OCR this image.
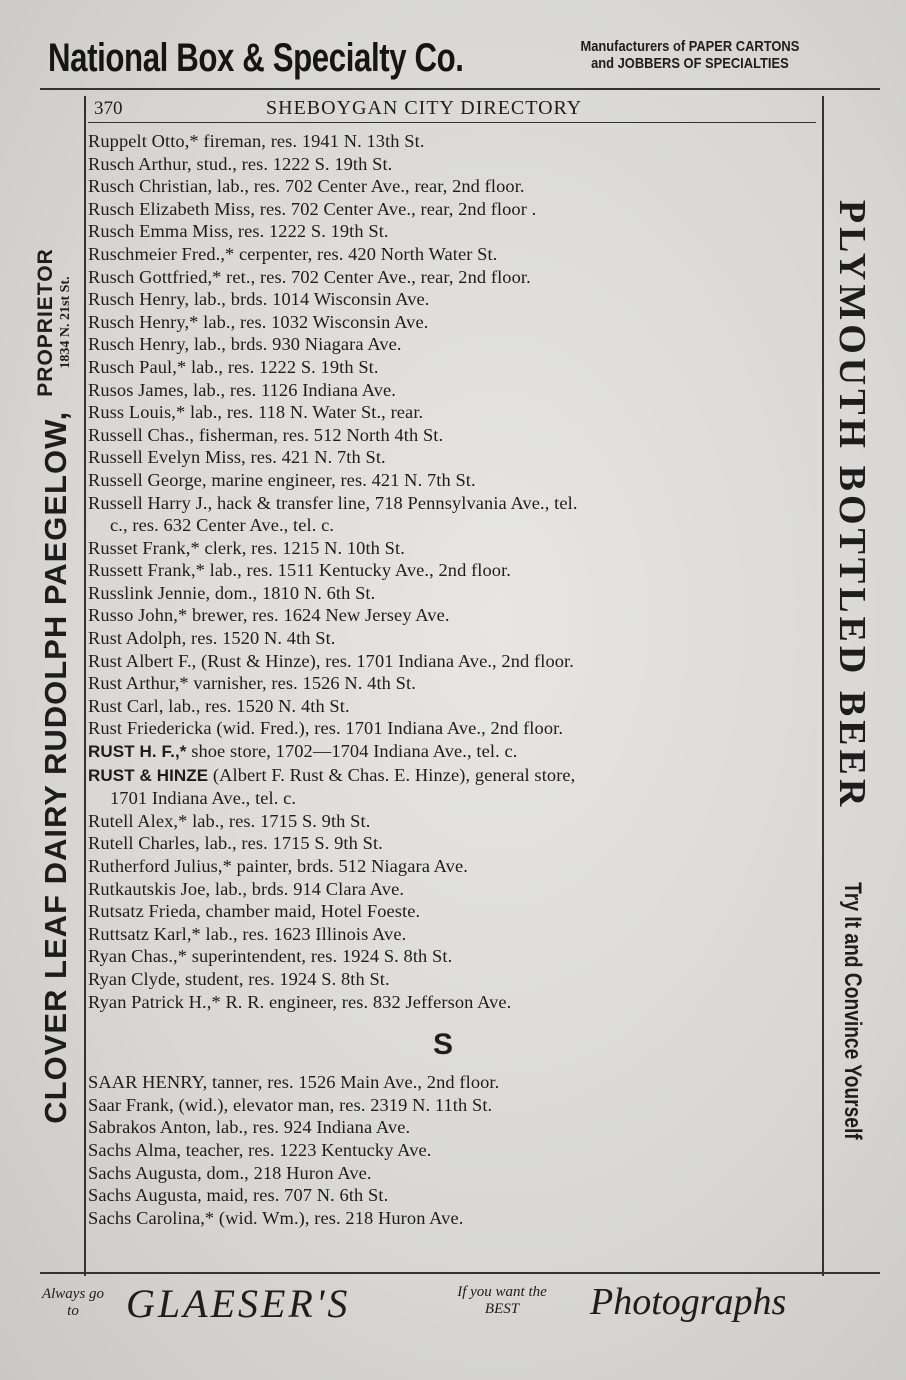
National Box & Specialty Co.	Manufacturers of PAPER CARTONS
and JOBBERS OF SPECIALTIES
CLOVER LEAF DAIRY RUDOLPH PAEGELOW,
PROPRIETOR 1834 N. 21st St.	PLYMOUTH BOTTLED BEER
Try It and Convince Yourself
370	SHEBOYGAN CITY DIRECTORY
Ruppelt Otto,* fireman, res. 1941 N. 13th St.
Rusch Arthur, stud., res. 1222 S. 19th St.
Rusch Christian, lab., res. 702 Center Ave., rear, 2nd floor.
Rusch Elizabeth Miss, res. 702 Center Ave., rear, 2nd floor .
Rusch Emma Miss, res. 1222 S. 19th St.
Ruschmeier Fred.,* cerpenter, res. 420 North Water St.
Rusch Gottfried,* ret., res. 702 Center Ave., rear, 2nd floor.
Rusch Henry, lab., brds. 1014 Wisconsin Ave.
Rusch Henry,* lab., res. 1032 Wisconsin Ave.
Rusch Henry, lab., brds. 930 Niagara Ave.
Rusch Paul,* lab., res. 1222 S. 19th St.
Rusos James, lab., res. 1126 Indiana Ave.
Russ Louis,* lab., res. 118 N. Water St., rear.
Russell Chas., fisherman, res. 512 North 4th St.
Russell Evelyn Miss, res. 421 N. 7th St.
Russell George, marine engineer, res. 421 N. 7th St.
Russell Harry J., hack & transfer line, 718 Pennsylvania Ave., tel.
c., res. 632 Center Ave., tel. c.
Russet Frank,* clerk, res. 1215 N. 10th St.
Russett Frank,* lab., res. 1511 Kentucky Ave., 2nd floor.
Russlink Jennie, dom., 1810 N. 6th St.
Russo John,* brewer, res. 1624 New Jersey Ave.
Rust Adolph, res. 1520 N. 4th St.
Rust Albert F., (Rust & Hinze), res. 1701 Indiana Ave., 2nd floor.
Rust Arthur,* varnisher, res. 1526 N. 4th St.
Rust Carl, lab., res. 1520 N. 4th St.
Rust Friedericka (wid. Fred.), res. 1701 Indiana Ave., 2nd floor.
RUST H. F.,* shoe store, 1702—1704 Indiana Ave., tel. c.
RUST & HINZE (Albert F. Rust & Chas. E. Hinze), general store,
1701 Indiana Ave., tel. c.
Rutell Alex,* lab., res. 1715 S. 9th St.
Rutell Charles, lab., res. 1715 S. 9th St.
Rutherford Julius,* painter, brds. 512 Niagara Ave.
Rutkautskis Joe, lab., brds. 914 Clara Ave.
Rutsatz Frieda, chamber maid, Hotel Foeste.
Ruttsatz Karl,* lab., res. 1623 Illinois Ave.
Ryan Chas.,* superintendent, res. 1924 S. 8th St.
Ryan Clyde, student, res. 1924 S. 8th St.
Ryan Patrick H.,* R. R. engineer, res. 832 Jefferson Ave.
S
SAAR HENRY, tanner, res. 1526 Main Ave., 2nd floor.
Saar Frank, (wid.), elevator man, res. 2319 N. 11th St.
Sabrakos Anton, lab., res. 924 Indiana Ave.
Sachs Alma, teacher, res. 1223 Kentucky Ave.
Sachs Augusta, dom., 218 Huron Ave.
Sachs Augusta, maid, res. 707 N. 6th St.
Sachs Carolina,* (wid. Wm.), res. 218 Huron Ave.
Always go to	GLAESER'S	If you want the BEST	Photographs
